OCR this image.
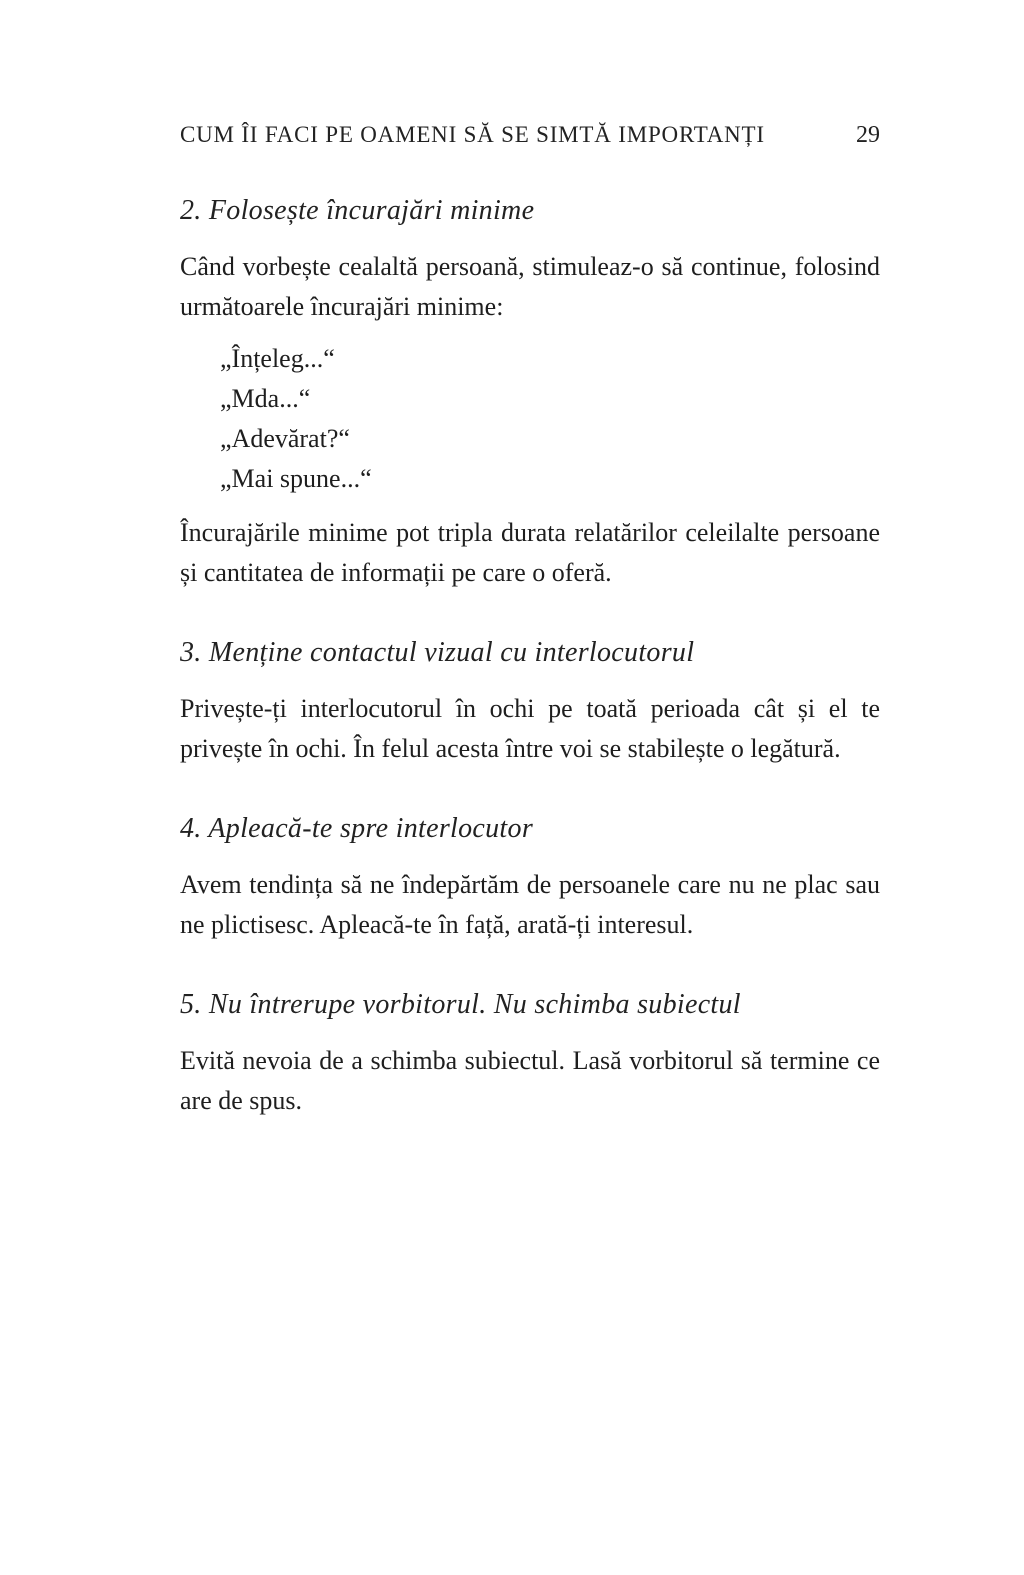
CUM ÎI FACI PE OAMENI SĂ SE SIMTĂ IMPORTANȚI	29
2. Folosește încurajări minime

Când vorbește cealaltă persoană, stimuleaz-o să continue, folosind următoarele încurajări minime:

„Înțeleg...“
„Mda...“
„Adevărat?“
„Mai spune...“

Încurajările minime pot tripla durata relatărilor celeilalte persoane și cantitatea de informații pe care o oferă.

3. Menține contactul vizual cu interlocutorul

Privește-ți interlocutorul în ochi pe toată perioada cât și el te privește în ochi. În felul acesta între voi se stabilește o legătură.

4. Apleacă-te spre interlocutor

Avem tendința să ne îndepărtăm de persoanele care nu ne plac sau ne plictisesc. Apleacă-te în față, arată-ți interesul.

5. Nu întrerupe vorbitorul. Nu schimba subiectul

Evită nevoia de a schimba subiectul. Lasă vorbitorul să termine ce are de spus.
